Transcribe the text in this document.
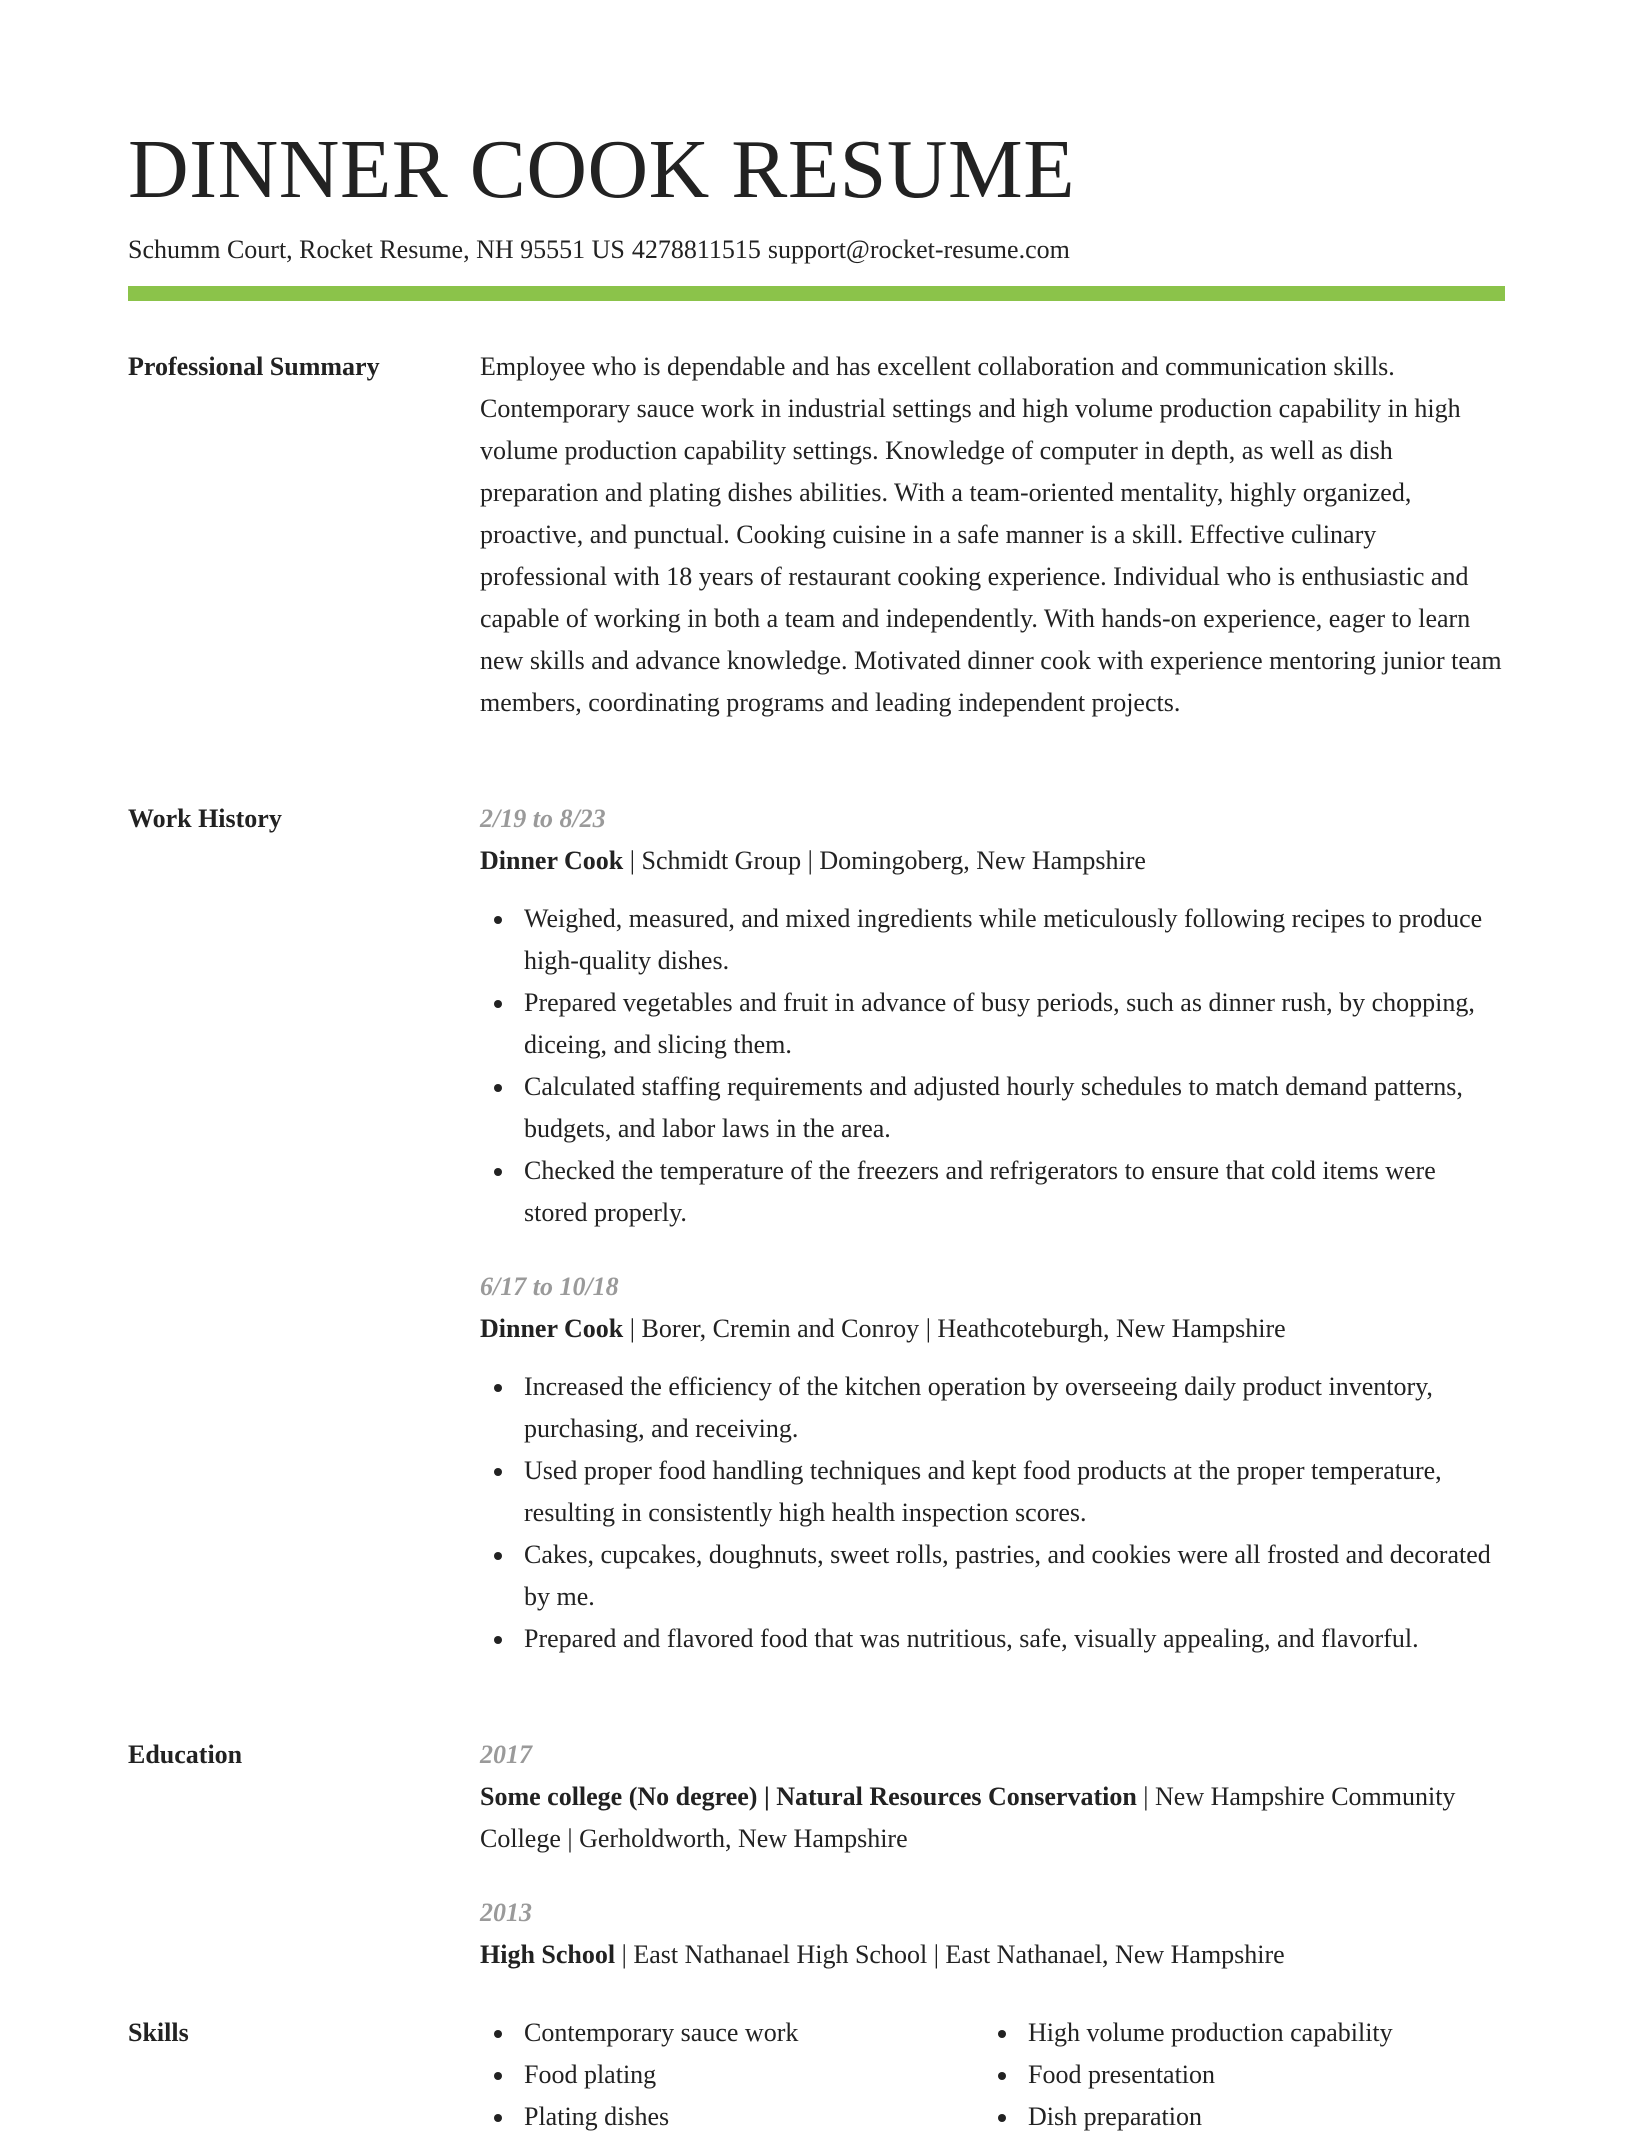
DINNER COOK RESUME
Schumm Court, Rocket Resume, NH 95551 US 4278811515 support@rocket-resume.com
Professional Summary	Employee who is dependable and has excellent collaboration and communication skills. Contemporary sauce work in industrial settings and high volume production capability in high volume production capability settings. Knowledge of computer in depth, as well as dish preparation and plating dishes abilities. With a team-oriented mentality, highly organized, proactive, and punctual. Cooking cuisine in a safe manner is a skill. Effective culinary professional with 18 years of restaurant cooking experience. Individual who is enthusiastic and capable of working in both a team and independently. With hands-on experience, eager to learn new skills and advance knowledge. Motivated dinner cook with experience mentoring junior team members, coordinating programs and leading independent projects.

Work History	2/19 to 8/23
Dinner Cook | Schmidt Group | Domingoberg, New Hampshire
Weighed, measured, and mixed ingredients while meticulously following recipes to produce high-quality dishes.
Prepared vegetables and fruit in advance of busy periods, such as dinner rush, by chopping, diceing, and slicing them.
Calculated staffing requirements and adjusted hourly schedules to match demand patterns, budgets, and labor laws in the area.
Checked the temperature of the freezers and refrigerators to ensure that cold items were stored properly.
6/17 to 10/18
Dinner Cook | Borer, Cremin and Conroy | Heathcoteburgh, New Hampshire
Increased the efficiency of the kitchen operation by overseeing daily product inventory, purchasing, and receiving.
Used proper food handling techniques and kept food products at the proper temperature, resulting in consistently high health inspection scores.
Cakes, cupcakes, doughnuts, sweet rolls, pastries, and cookies were all frosted and decorated by me.
Prepared and flavored food that was nutritious, safe, visually appealing, and flavorful.
Education	2017
Some college (No degree) | Natural Resources Conservation | New Hampshire Community College | Gerholdworth, New Hampshire
2013
High School | East Nathanael High School | East Nathanael, New Hampshire
Skills	Contemporary sauce work
Food plating
Plating dishes
High volume production capability
Food presentation
Dish preparation
